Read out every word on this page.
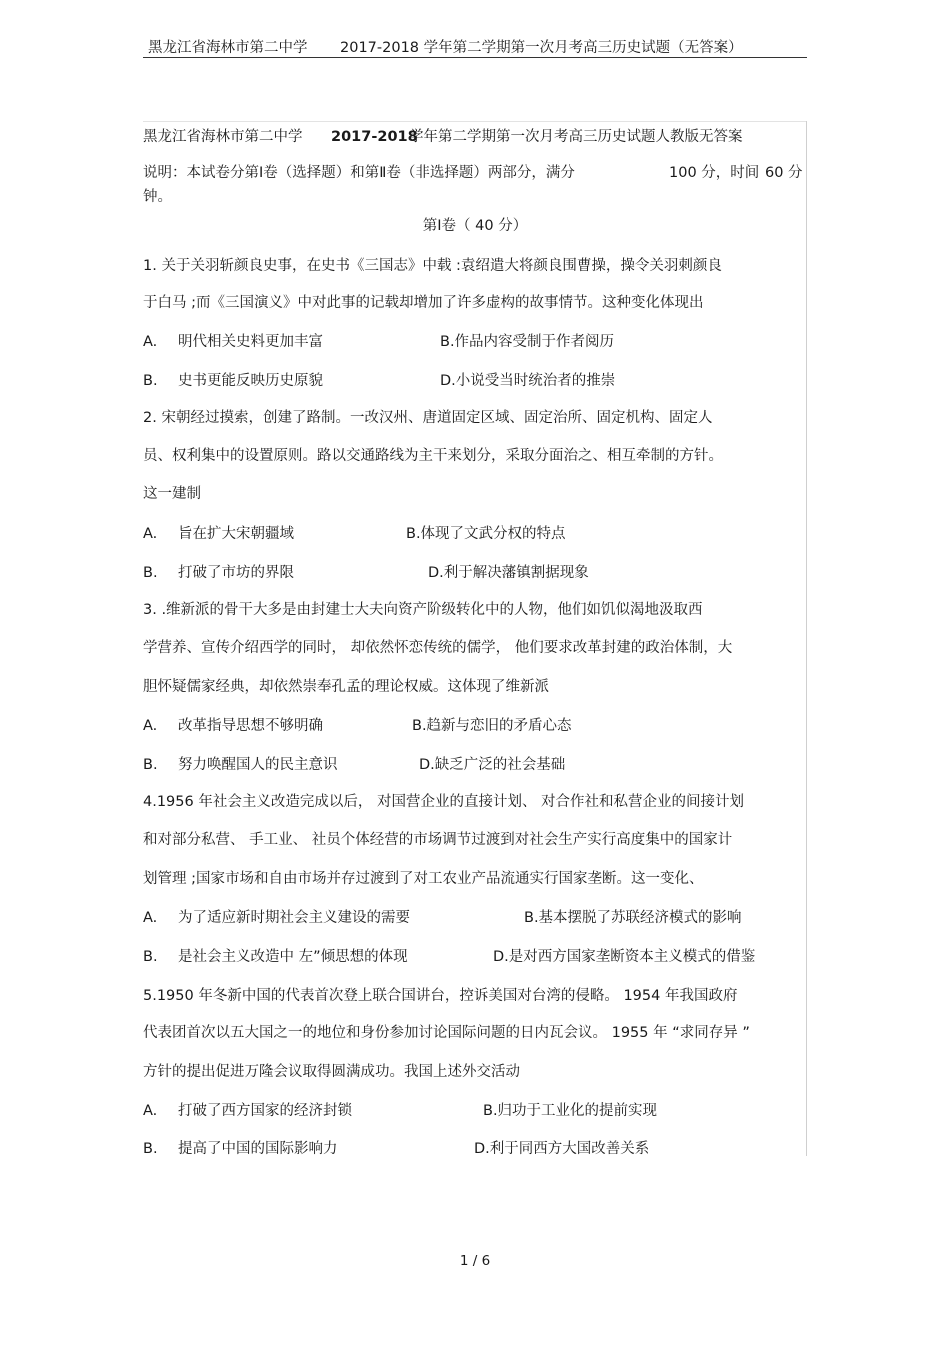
黑龙江省海林市第二中学 2017-2018 学年第二学期第一次月考高三历史试题（无答案）
黑龙江省海林市第二中学 2017-2018
学年第二学期第一次月考高三历史试题人教版无答案
说明：本试卷分第Ⅰ卷（选择题）和第Ⅱ卷（非选择题）两部分，满分	100 分，时间 60 分
钟。
第Ⅰ卷（ 40 分）
1. 关于关羽斩颜良史事，在史书《三国志》中载 :袁绍遣大将颜良围曹操，操令关羽刺颜良
于白马 ;而《三国演义》中对此事的记载却增加了许多虚构的故事情节。这种变化体现出
A. 明代相关史料更加丰富	B.作品内容受制于作者阅历
B. 史书更能反映历史原貌	D.小说受当时统治者的推崇
2. 宋朝经过摸索，创建了路制。一改汉州、唐道固定区域、固定治所、固定机构、固定人
员、权利集中的设置原则。路以交通路线为主干来划分，采取分面治之、相互牵制的方针。
这一建制
A. 旨在扩大宋朝疆域	B.体现了文武分权的特点
B. 打破了市坊的界限	D.利于解决藩镇割据现象
3. .维新派的骨干大多是由封建士大夫向资产阶级转化中的人物，他们如饥似渴地汲取西
学营养、宣传介绍西学的同时， 却依然怀恋传统的儒学， 他们要求改革封建的政治体制，大
胆怀疑儒家经典，却依然崇奉孔孟的理论权威。这体现了维新派
A. 改革指导思想不够明确	B.趋新与恋旧的矛盾心态
B. 努力唤醒国人的民主意识	D.缺乏广泛的社会基础
4.1956 年社会主义改造完成以后， 对国营企业的直接计划、 对合作社和私营企业的间接计划
和对部分私营、 手工业、 社员个体经营的市场调节过渡到对社会生产实行高度集中的国家计
划管理 ;国家市场和自由市场并存过渡到了对工农业产品流通实行国家垄断。这一变化、
A. 为了适应新时期社会主义建设的需要	B.基本摆脱了苏联经济模式的影响
B. 是社会主义改造中 左”倾思想的体现	D.是对西方国家垄断资本主义模式的借鉴
5.1950 年冬新中国的代表首次登上联合国讲台，控诉美国对台湾的侵略。 1954 年我国政府
代表团首次以五大国之一的地位和身份参加讨论国际问题的日内瓦会议。 1955 年 “求同存异 ”
方针的提出促进万隆会议取得圆满成功。我国上述外交活动
A. 打破了西方国家的经济封锁	B.归功于工业化的提前实现
B. 提高了中国的国际影响力	D.利于同西方大国改善关系
1 / 6
